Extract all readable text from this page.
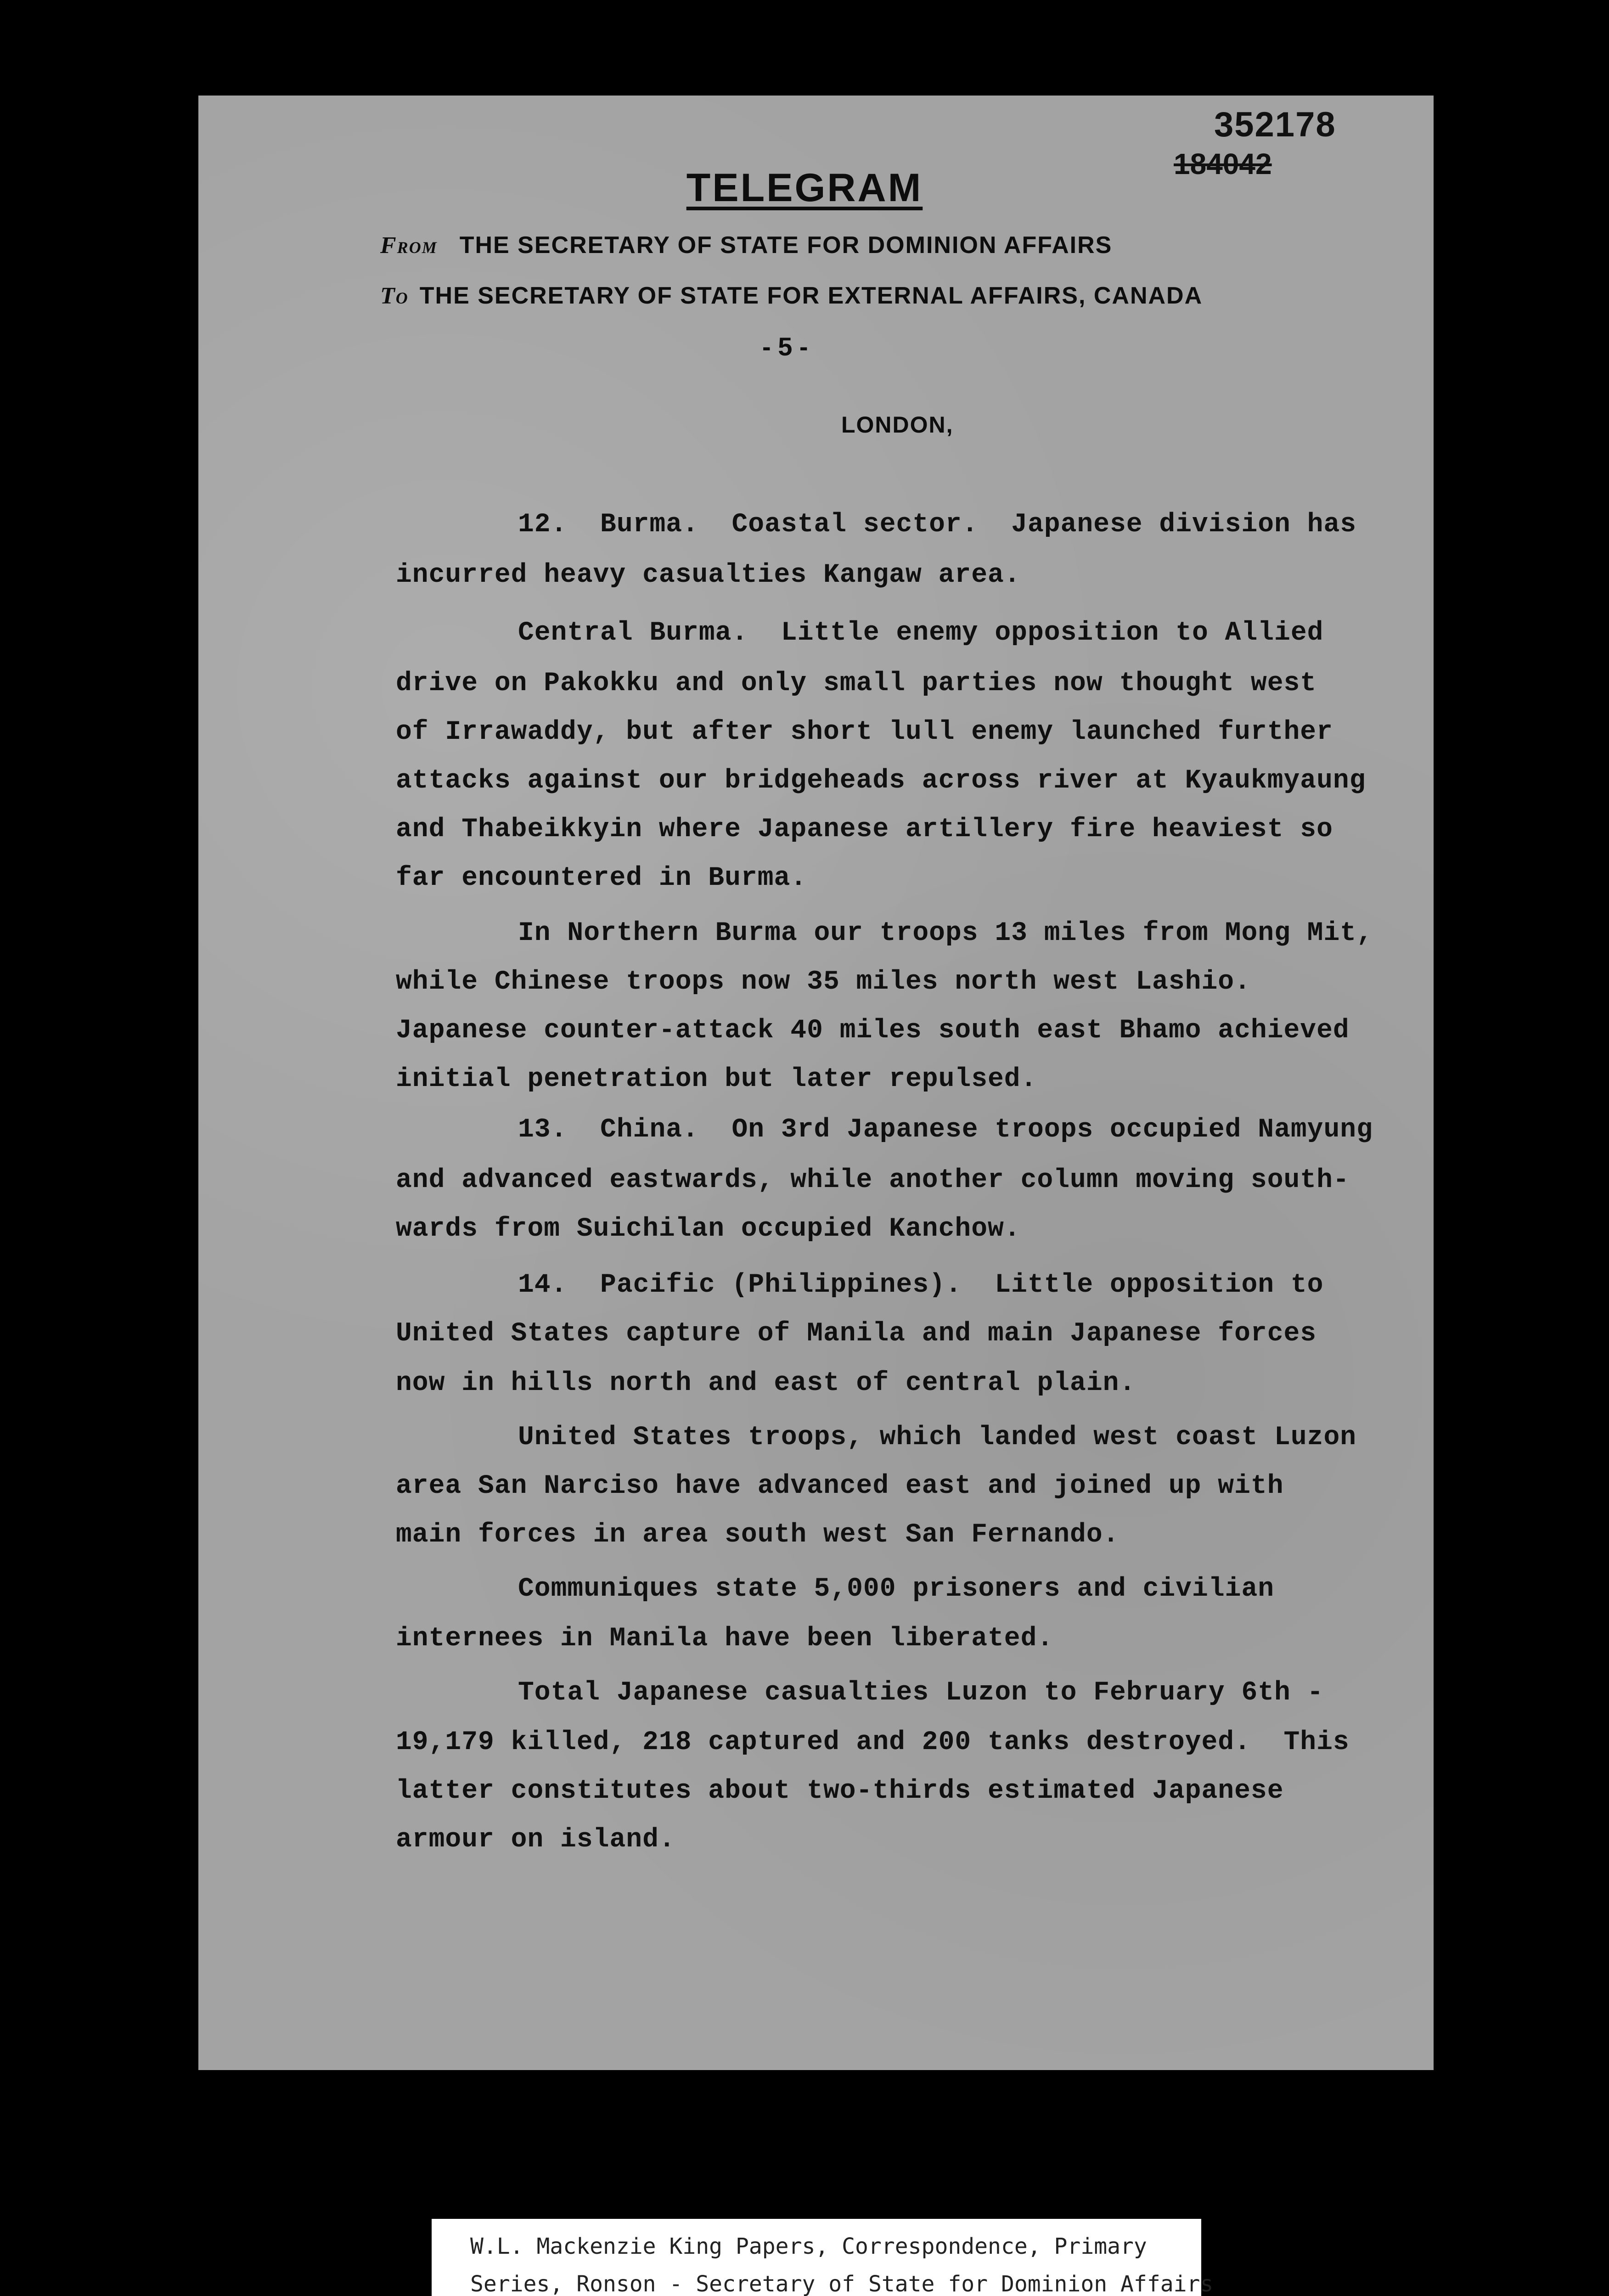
352178
184042
TELEGRAM
From THE SECRETARY OF STATE FOR DOMINION AFFAIRS
To THE SECRETARY OF STATE FOR EXTERNAL AFFAIRS, CANADA
- 5 -
LONDON,
12.  Burma.  Coastal sector.  Japanese division has
incurred heavy casualties Kangaw area.
Central Burma.  Little enemy opposition to Allied
drive on Pakokku and only small parties now thought west
of Irrawaddy, but after short lull enemy launched further
attacks against our bridgeheads across river at Kyaukmyaung
and Thabeikkyin where Japanese artillery fire heaviest so
far encountered in Burma.
In Northern Burma our troops 13 miles from Mong Mit,
while Chinese troops now 35 miles north west Lashio.
Japanese counter-attack 40 miles south east Bhamo achieved
initial penetration but later repulsed.
13.  China.  On 3rd Japanese troops occupied Namyung
and advanced eastwards, while another column moving south-
wards from Suichilan occupied Kanchow.
14.  Pacific (Philippines).  Little opposition to
United States capture of Manila and main Japanese forces
now in hills north and east of central plain.
United States troops, which landed west coast Luzon
area San Narciso have advanced east and joined up with
main forces in area south west San Fernando.
Communiques state 5,000 prisoners and civilian
internees in Manila have been liberated.
Total Japanese casualties Luzon to February 6th -
19,179 killed, 218 captured and 200 tanks destroyed.  This
latter constitutes about two-thirds estimated Japanese
armour on island.
W.L. Mackenzie King Papers, Correspondence, Primary
Series, Ronson - Secretary of State for Dominion Affairs
